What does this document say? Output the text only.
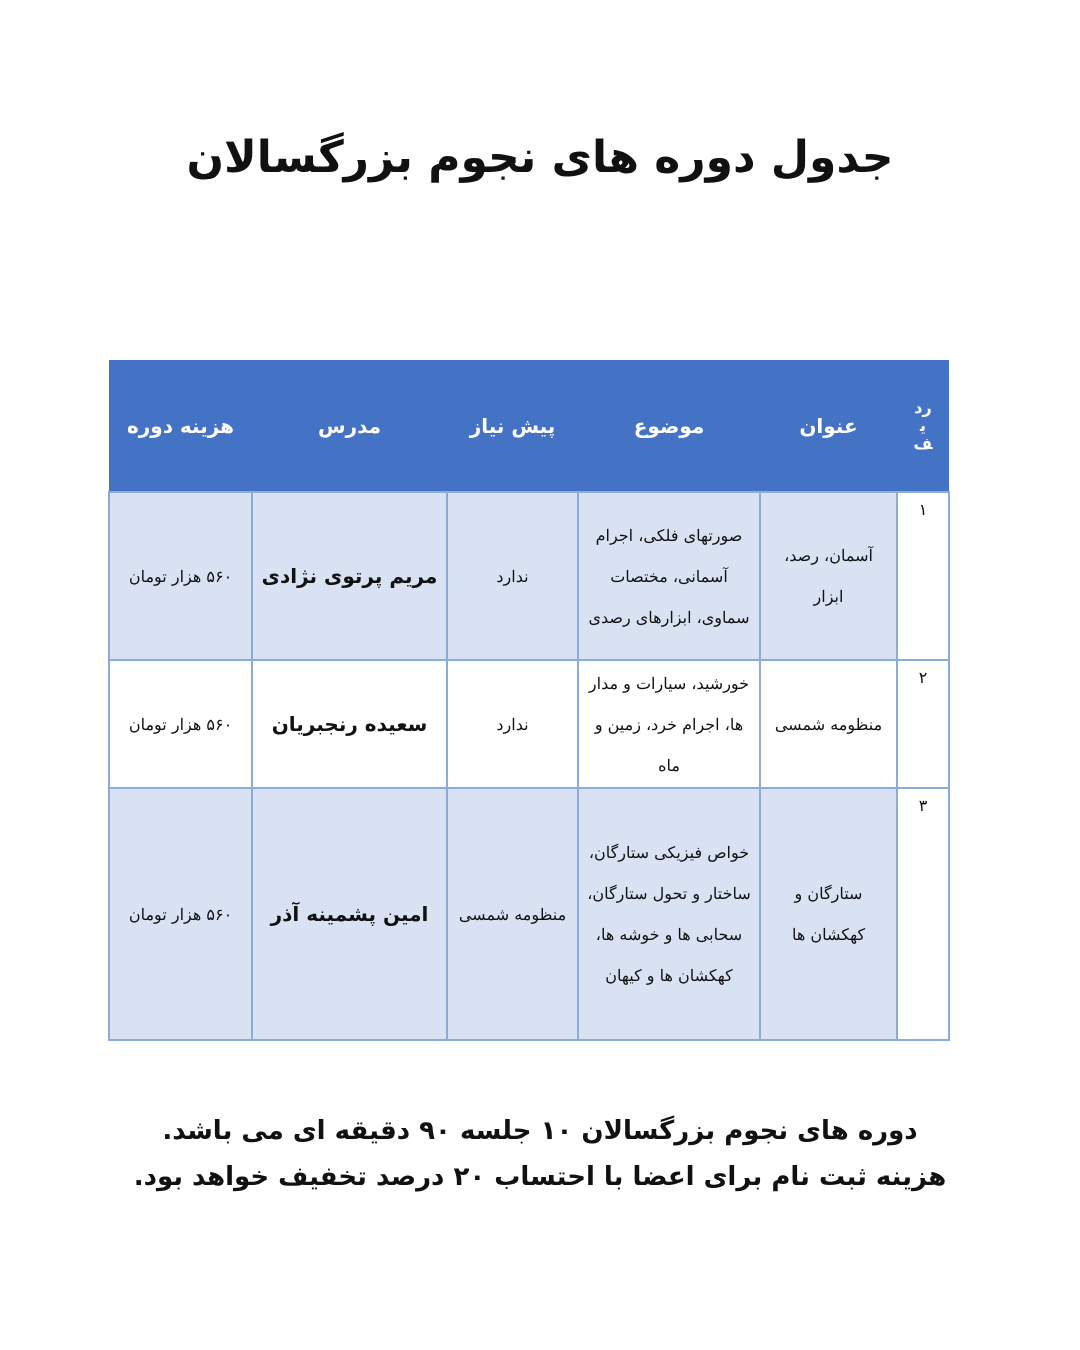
جدول دوره های نجوم بزرگسالان
ردیف	عنوان	موضوع	پیش نیاز	مدرس	هزینه دوره
۱	آسمان، رصد، ابزار	صورتهای فلکی، اجرام آسمانی، مختصات سماوی، ابزارهای رصدی	ندارد	مریم پرتوی نژادی	۵۶۰ هزار تومان
۲	منظومه شمسی	خورشید، سیارات و مدار ها، اجرام خرد، زمین و ماه	ندارد	سعیده رنجبریان	۵۶۰ هزار تومان
۳	ستارگان و کهکشان ها	خواص فیزیکی ستارگان، ساختار و تحول ستارگان، سحابی ها و خوشه ها، کهکشان ها و کیهان	منظومه شمسی	امین پشمینه آذر	۵۶۰ هزار تومان
دوره های نجوم بزرگسالان ۱۰ جلسه ۹۰ دقیقه ای می باشد.
هزینه ثبت نام برای اعضا با احتساب ۲۰ درصد تخفیف خواهد بود.
